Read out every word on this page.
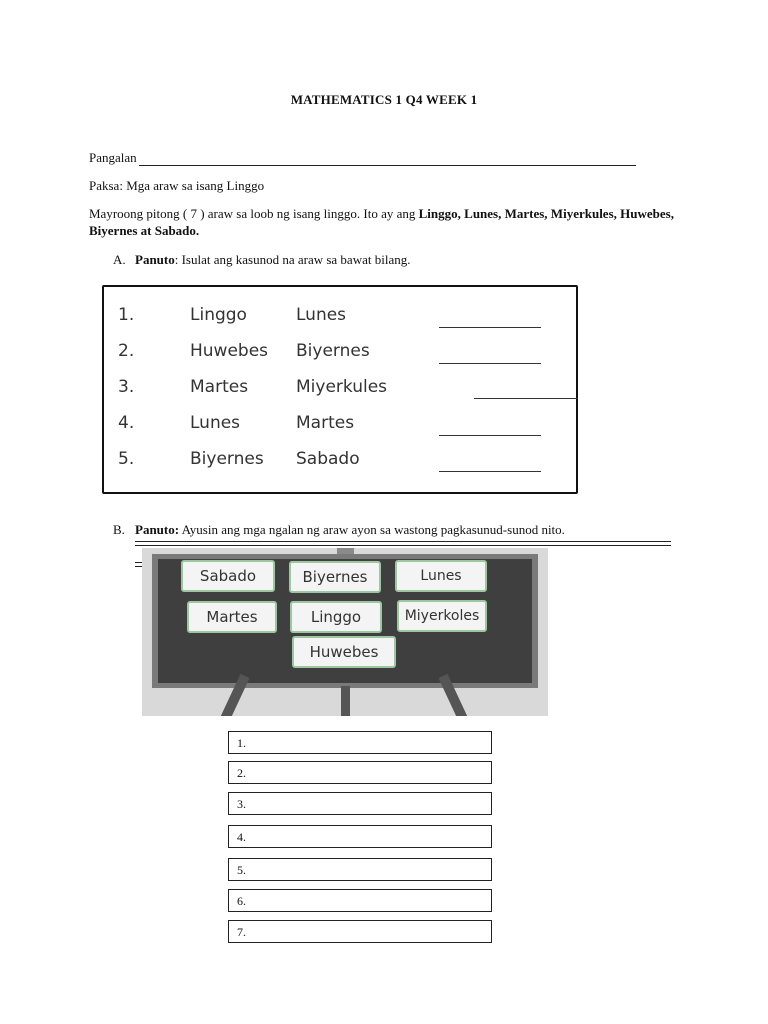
MATHEMATICS 1 Q4 WEEK 1
Pangalan
Paksa: Mga araw sa isang Linggo
Mayroong pitong ( 7 ) araw sa loob ng isang linggo. Ito ay ang Linggo, Lunes, Martes, Miyerkules, Huwebes, Biyernes at Sabado.
A. Panuto: Isulat ang kasunod na araw sa bawat bilang.
1.	Linggo	Lunes
2.	Huwebes Biyernes
3.	Martes	Miyerkules
4.	Lunes	Martes
5.	Biyernes Sabado
B. Panuto: Ayusin ang mga ngalan ng araw ayon sa wastong pagkasunud-sunod nito.
Sabado	Biyernes	Lunes
Martes	Linggo	Miyerkoles
Huwebes
1.
2.
3.
4.
5.
6.
7.
